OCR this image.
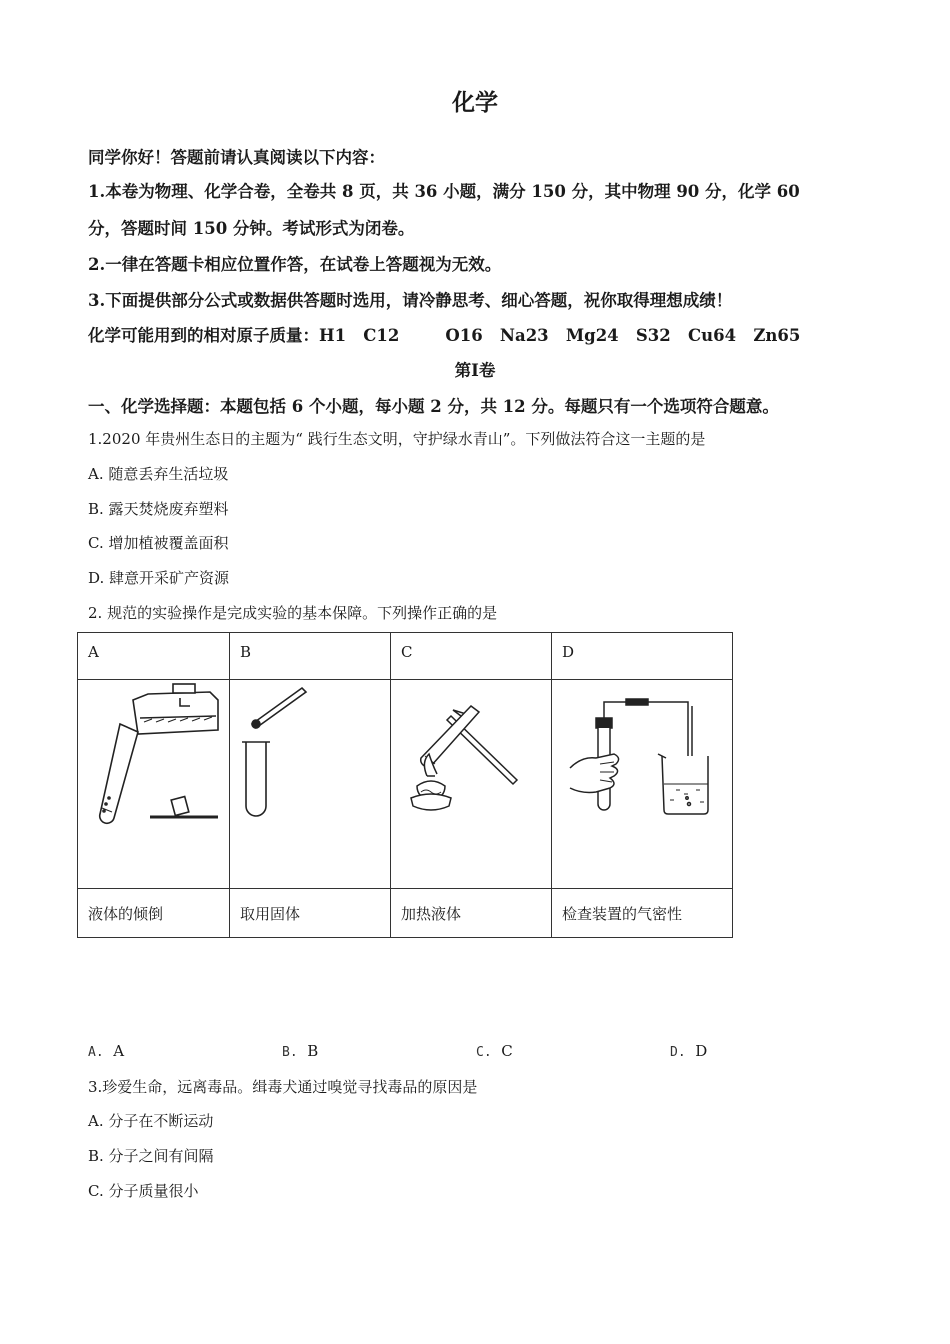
化学
同学你好！答题前请认真阅读以下内容：
1.本卷为物理、化学合卷，全卷共 8 页，共 36 小题，满分 150 分，其中物理 90 分，化学 60
分，答题时间 150 分钟。考试形式为闭卷。
2.一律在答题卡相应位置作答，在试卷上答题视为无效。
3.下面提供部分公式或数据供答题时选用，请冷静思考、细心答题，祝你取得理想成绩！
化学可能用到的相对原子质量：H1   C12        O16   Na23   Mg24   S32   Cu64   Zn65
第Ⅰ卷
一、化学选择题：本题包括 6 个小题，每小题 2 分，共 12 分。每题只有一个选项符合题意。
1.2020 年贵州生态日的主题为“ 践行生态文明，守护绿水青山”。下列做法符合这一主题的是
A. 随意丢弃生活垃圾
B. 露天焚烧废弃塑料
C. 增加植被覆盖面积
D. 肆意开采矿产资源
2. 规范的实验操作是完成实验的基本保障。下列操作正确的是
A	B	C	D

液体的倾倒	取用固体	加热液体	检查装置的气密性
A. A	B. B	C. C	D. D
3.珍爱生命，远离毒品。缉毒犬通过嗅觉寻找毒品的原因是
A. 分子在不断运动
B. 分子之间有间隔
C. 分子质量很小
